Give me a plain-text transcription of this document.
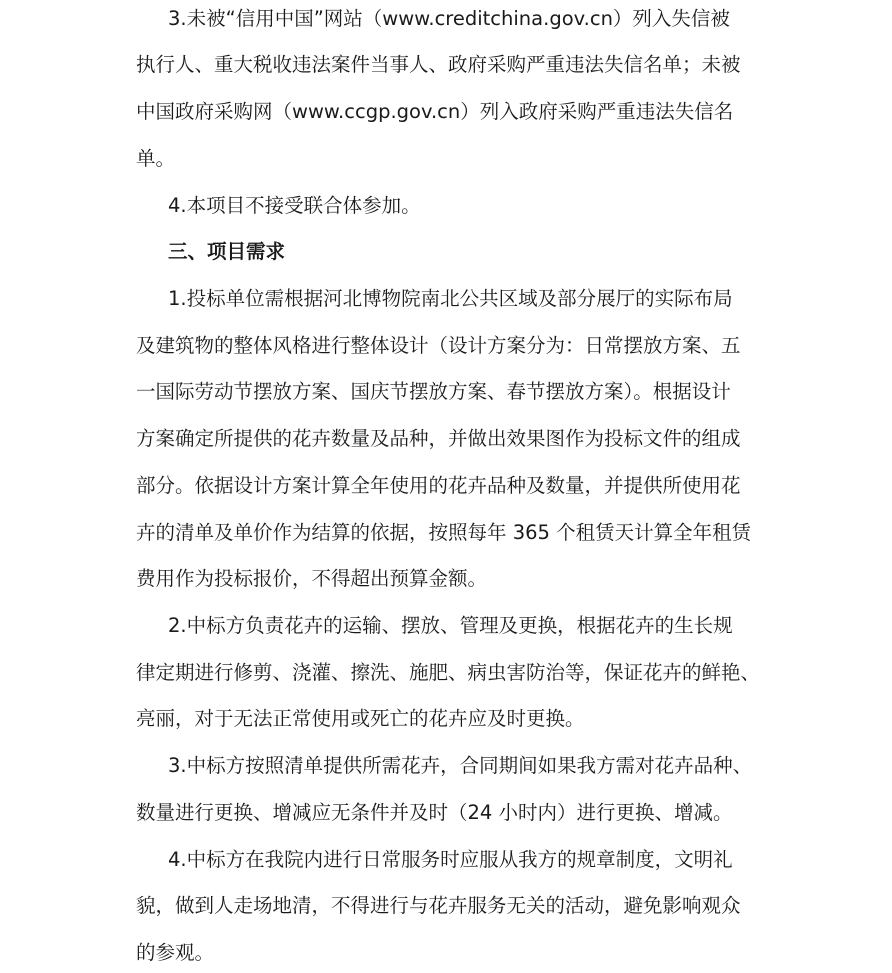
3.未被“信用中国”网站（www.creditchina.gov.cn）列入失信被
执行人、重大税收违法案件当事人、政府采购严重违法失信名单；未被
中国政府采购网（www.ccgp.gov.cn）列入政府采购严重违法失信名
单。
4.本项目不接受联合体参加。
三、项目需求
1.投标单位需根据河北博物院南北公共区域及部分展厅的实际布局
及建筑物的整体风格进行整体设计（设计方案分为：日常摆放方案、五
一国际劳动节摆放方案、国庆节摆放方案、春节摆放方案）。根据设计
方案确定所提供的花卉数量及品种，并做出效果图作为投标文件的组成
部分。依据设计方案计算全年使用的花卉品种及数量，并提供所使用花
卉的清单及单价作为结算的依据，按照每年 365 个租赁天计算全年租赁
费用作为投标报价，不得超出预算金额。
2.中标方负责花卉的运输、摆放、管理及更换，根据花卉的生长规
律定期进行修剪、浇灌、擦洗、施肥、病虫害防治等，保证花卉的鲜艳、
亮丽，对于无法正常使用或死亡的花卉应及时更换。
3.中标方按照清单提供所需花卉，合同期间如果我方需对花卉品种、
数量进行更换、增减应无条件并及时（24 小时内）进行更换、增减。
4.中标方在我院内进行日常服务时应服从我方的规章制度，文明礼
貌，做到人走场地清，不得进行与花卉服务无关的活动，避免影响观众
的参观。
